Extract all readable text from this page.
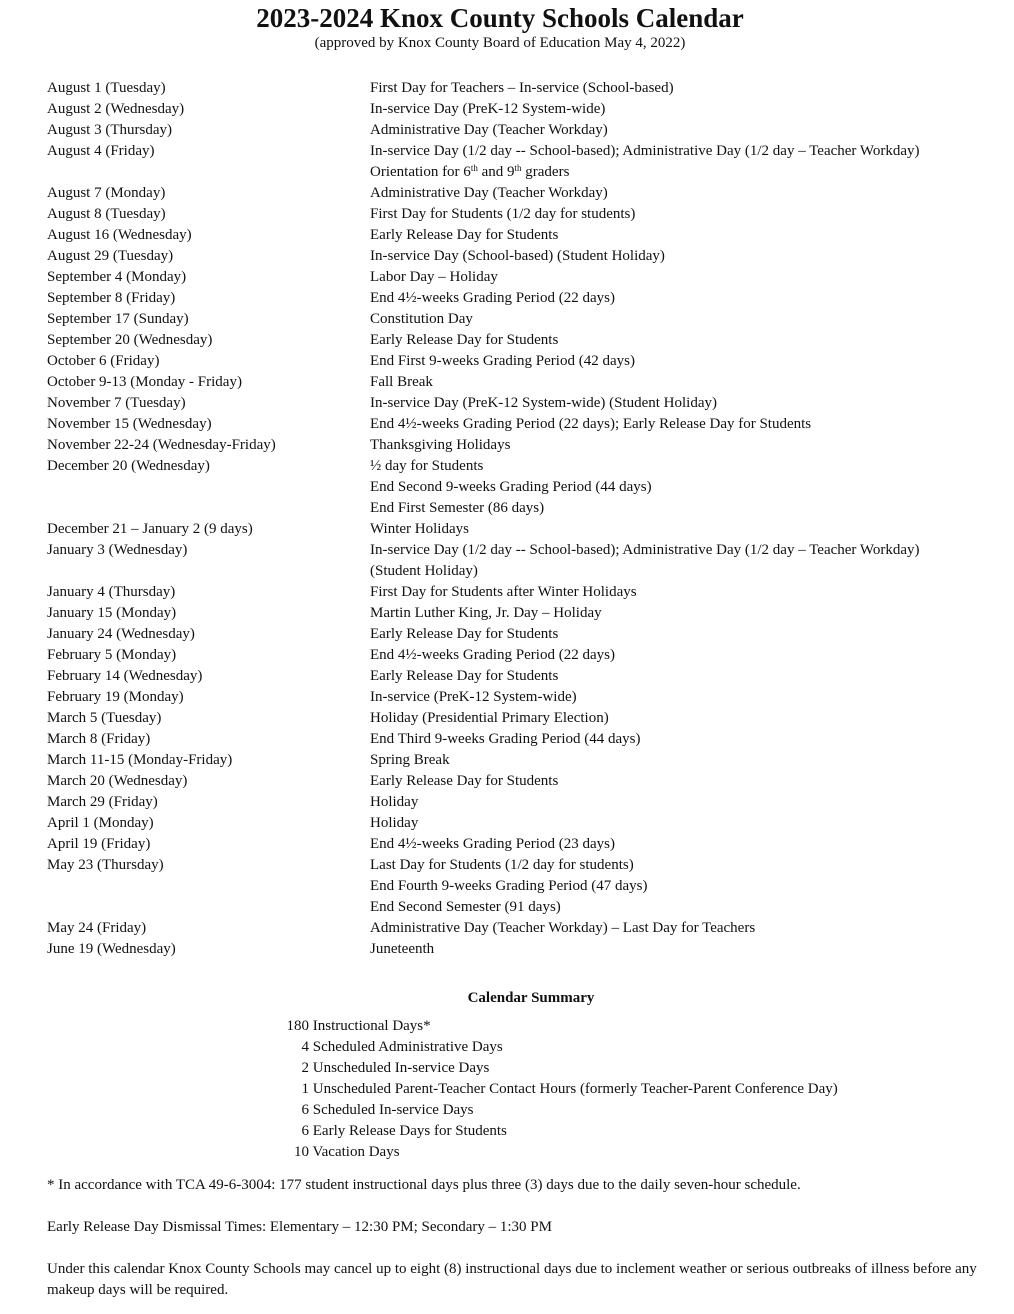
2023-2024 Knox County Schools Calendar
(approved by Knox County Board of Education May 4, 2022)
August 1 (Tuesday)	First Day for Teachers – In-service (School-based)
August 2 (Wednesday)	In-service Day (PreK-12 System-wide)
August 3 (Thursday)	Administrative Day (Teacher Workday)
August 4 (Friday)	In-service Day (1/2 day -- School-based); Administrative Day (1/2 day – Teacher Workday)
Orientation for 6th and 9th graders
August 7 (Monday)	Administrative Day (Teacher Workday)
August 8 (Tuesday)	First Day for Students (1/2 day for students)
August 16 (Wednesday)	Early Release Day for Students
August 29 (Tuesday)	In-service Day (School-based) (Student Holiday)
September 4 (Monday)	Labor Day – Holiday
September 8 (Friday)	End 4½-weeks Grading Period (22 days)
September 17 (Sunday)	Constitution Day
September 20 (Wednesday)	Early Release Day for Students
October 6 (Friday)	End First 9-weeks Grading Period (42 days)
October 9-13 (Monday - Friday)	Fall Break
November 7 (Tuesday)	In-service Day (PreK-12 System-wide) (Student Holiday)
November 15 (Wednesday)	End 4½-weeks Grading Period (22 days); Early Release Day for Students
November 22-24 (Wednesday-Friday)	Thanksgiving Holidays
December 20 (Wednesday)	½ day for Students
End Second 9-weeks Grading Period (44 days)
End First Semester (86 days)
December 21 – January 2 (9 days)	Winter Holidays
January 3 (Wednesday)	In-service Day (1/2 day -- School-based); Administrative Day (1/2 day – Teacher Workday)
(Student Holiday)
January 4 (Thursday)	First Day for Students after Winter Holidays
January 15 (Monday)	Martin Luther King, Jr. Day – Holiday
January 24 (Wednesday)	Early Release Day for Students
February 5 (Monday)	End 4½-weeks Grading Period (22 days)
February 14 (Wednesday)	Early Release Day for Students
February 19 (Monday)	In-service (PreK-12 System-wide)
March 5 (Tuesday)	Holiday (Presidential Primary Election)
March 8 (Friday)	End Third 9-weeks Grading Period (44 days)
March 11-15 (Monday-Friday)	Spring Break
March 20 (Wednesday)	Early Release Day for Students
March 29 (Friday)	Holiday
April 1 (Monday)	Holiday
April 19 (Friday)	End 4½-weeks Grading Period (23 days)
May 23 (Thursday)	Last Day for Students (1/2 day for students)
End Fourth 9-weeks Grading Period (47 days)
End Second Semester (91 days)
May 24 (Friday)	Administrative Day (Teacher Workday) – Last Day for Teachers
June 19 (Wednesday)	Juneteenth
Calendar Summary
180 Instructional Days*
4 Scheduled Administrative Days
2 Unscheduled In-service Days
1 Unscheduled Parent-Teacher Contact Hours (formerly Teacher-Parent Conference Day)
6 Scheduled In-service Days
6 Early Release Days for Students
10 Vacation Days
* In accordance with TCA 49-6-3004: 177 student instructional days plus three (3) days due to the daily seven-hour schedule.
Early Release Day Dismissal Times: Elementary – 12:30 PM; Secondary – 1:30 PM
Under this calendar Knox County Schools may cancel up to eight (8) instructional days due to inclement weather or serious outbreaks of illness before any makeup days will be required.
